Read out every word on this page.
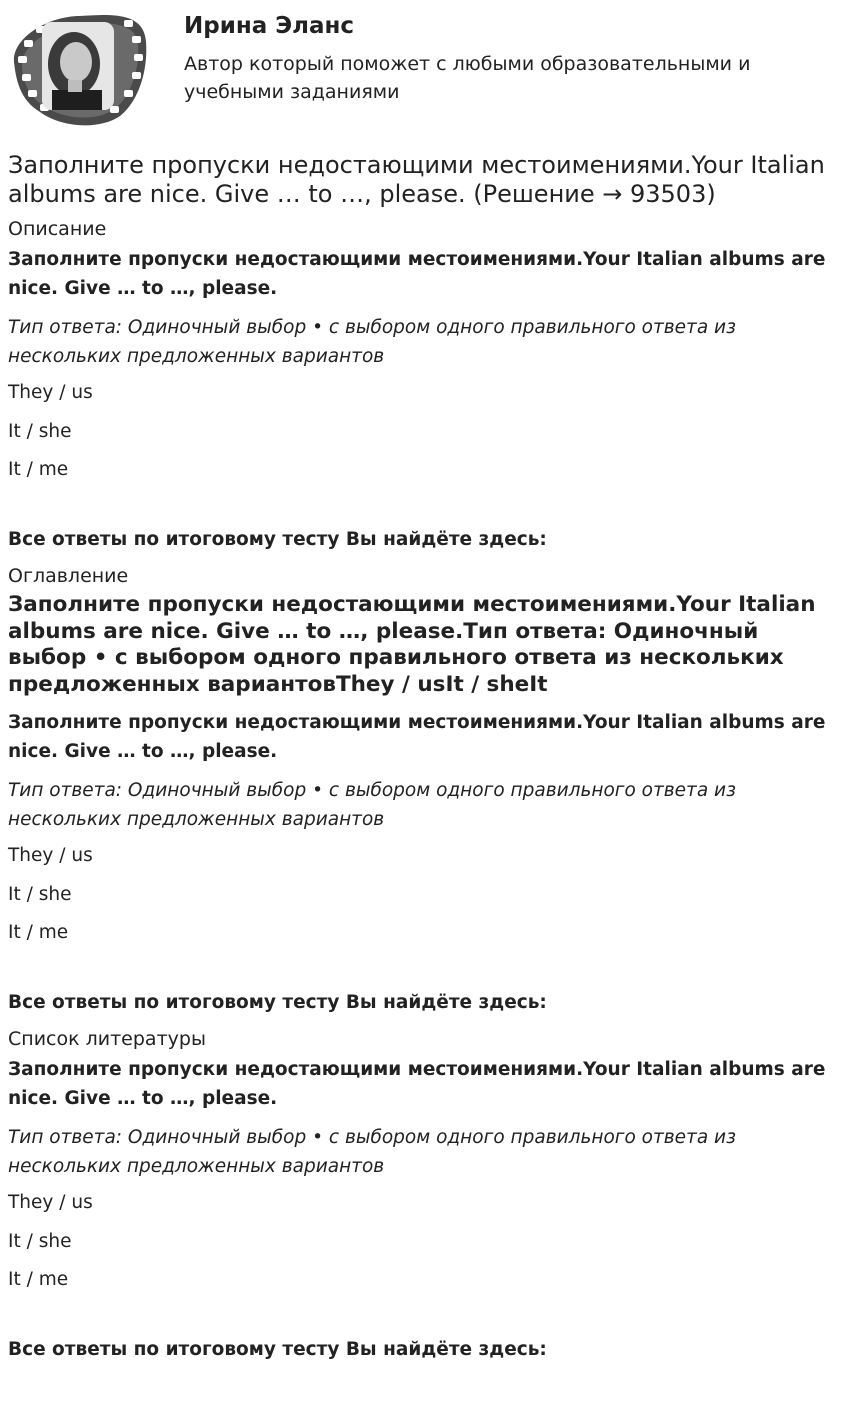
Ирина Эланс

Автор который поможет с любыми образовательными и учебными заданиями

Заполните пропуски недостающими местоимениями.Your Italian albums are nice. Give … to …, please. (Решение → 93503)
Описание

Заполните пропуски недостающими местоимениями.Your Italian albums are nice. Give … to …, please.

Тип ответа: Одиночный выбор • с выбором одного правильного ответа из нескольких предложенных вариантов

They / us

It / she

It / me

Все ответы по итоговому тесту Вы найдёте здесь:

Оглавление
Заполните пропуски недостающими местоимениями.Your Italian albums are nice. Give … to …, please.Тип ответа: Одиночный выбор • с выбором одного правильного ответа из нескольких предложенных вариантовThey / usIt / sheIt

Заполните пропуски недостающими местоимениями.Your Italian albums are nice. Give … to …, please.

Тип ответа: Одиночный выбор • с выбором одного правильного ответа из нескольких предложенных вариантов

They / us

It / she

It / me

Все ответы по итоговому тесту Вы найдёте здесь:

Список литературы

Заполните пропуски недостающими местоимениями.Your Italian albums are nice. Give … to …, please.

Тип ответа: Одиночный выбор • с выбором одного правильного ответа из нескольких предложенных вариантов

They / us

It / she

It / me

Все ответы по итоговому тесту Вы найдёте здесь:
